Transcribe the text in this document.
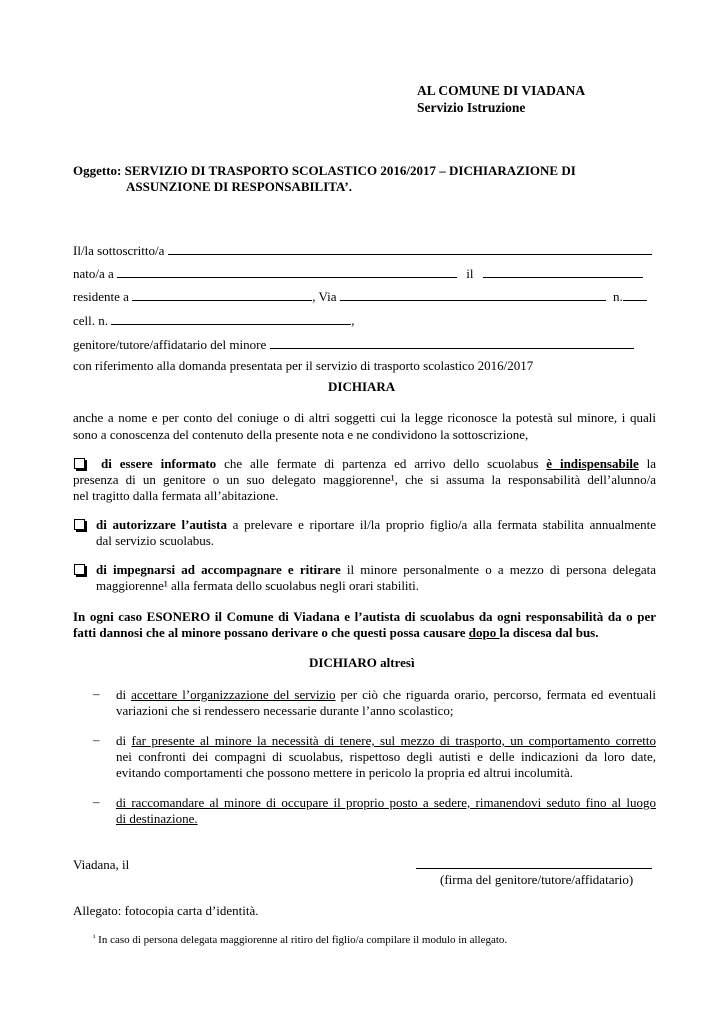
AL COMUNE DI VIADANA
Servizio Istruzione
Oggetto: SERVIZIO DI TRASPORTO SCOLASTICO 2016/2017 – DICHIARAZIONE DI
ASSUNZIONE DI RESPONSABILITA’.
Il/la sottoscritto/a
nato/a a	il
residente a	, Via	n.
cell. n.	,
genitore/tutore/affidatario del minore
con riferimento alla domanda presentata per il servizio di trasporto scolastico 2016/2017
DICHIARA
anche a nome e per conto del coniuge o di altri soggetti cui la legge riconosce la potestà sul minore, i quali
sono a conoscenza del contenuto della presente nota e ne condividono la sottoscrizione,
di essere informato che alle fermate di partenza ed arrivo dello scuolabus è indispensabile la
presenza di un genitore o un suo delegato maggiorenne¹, che si assuma la responsabilità dell’alunno/a
nel tragitto dalla fermata all’abitazione.
di autorizzare l’autista a prelevare e riportare il/la proprio figlio/a alla fermata stabilita annualmente
dal servizio scuolabus.
di impegnarsi ad accompagnare e ritirare il minore personalmente o a mezzo di persona delegata
maggiorenne¹ alla fermata dello scuolabus negli orari stabiliti.
In ogni caso ESONERO il Comune di Viadana e l’autista di scuolabus da ogni responsabilità da o per
fatti dannosi che al minore possano derivare o che questi possa causare dopo la discesa dal bus.
DICHIARO altresì
– di accettare l’organizzazione del servizio per ciò che riguarda orario, percorso, fermata ed eventuali
variazioni che si rendessero necessarie durante l’anno scolastico;
– di far presente al minore la necessità di tenere, sul mezzo di trasporto, un comportamento corretto
nei confronti dei compagni di scuolabus, rispettoso degli autisti e delle indicazioni da loro date,
evitando comportamenti che possono mettere in pericolo la propria ed altrui incolumità.
– di raccomandare al minore di occupare il proprio posto a sedere, rimanendovi seduto fino al luogo
di destinazione.
Viadana, il
(firma del genitore/tutore/affidatario)
Allegato: fotocopia carta d’identità.
$^{^1}$ In caso di persona delegata maggiorenne al ritiro del figlio/a compilare il modulo in allegato.
